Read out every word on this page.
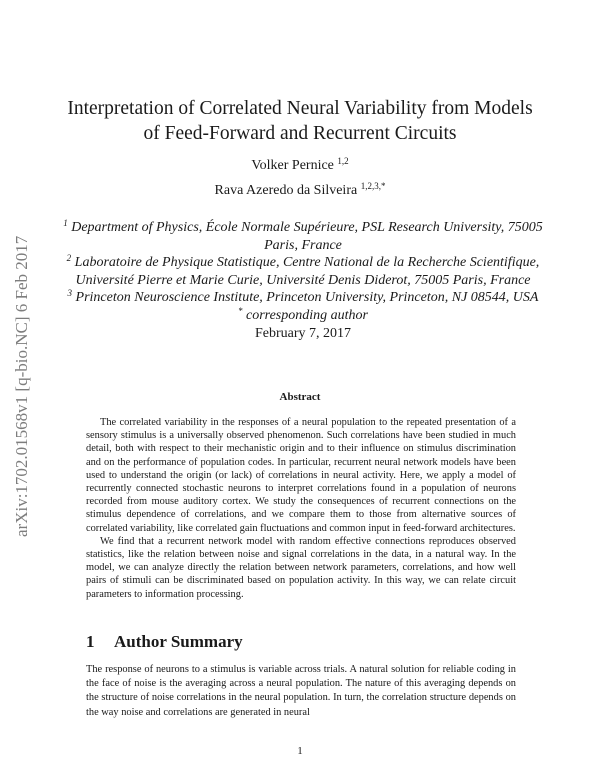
arXiv:1702.01568v1 [q-bio.NC] 6 Feb 2017
Interpretation of Correlated Neural Variability from Models
of Feed-Forward and Recurrent Circuits
Volker Pernice $^{1,2}$
Rava Azeredo da Silveira $^{1,2,3,*}$

$^1$ Department of Physics, École Normale Supérieure, PSL Research University, 75005 Paris, France

$^2$ Laboratoire de Physique Statistique, Centre National de la Recherche Scientifique, Université Pierre et Marie Curie, Université Denis Diderot, 75005 Paris, France

$^3$ Princeton Neuroscience Institute, Princeton University, Princeton, NJ 08544, USA

* corresponding author

February 7, 2017

Abstract

The correlated variability in the responses of a neural population to the repeated presentation of a sensory stimulus is a universally observed phenomenon. Such correlations have been studied in much detail, both with respect to their mechanistic origin and to their influence on stimulus discrimination and on the performance of population codes. In particular, recurrent neural network models have been used to understand the origin (or lack) of correlations in neural activity. Here, we apply a model of recurrently connected stochastic neurons to interpret correlations found in a population of neurons recorded from mouse auditory cortex. We study the consequences of recurrent connections on the stimulus dependence of correlations, and we compare them to those from alternative sources of correlated variability, like correlated gain fluctuations and common input in feed-forward architectures.

We find that a recurrent network model with random effective connections reproduces observed statistics, like the relation between noise and signal correlations in the data, in a natural way. In the model, we can analyze directly the relation between network parameters, correlations, and how well pairs of stimuli can be discriminated based on population activity. In this way, we can relate circuit parameters to information processing.

1 Author Summary

The response of neurons to a stimulus is variable across trials. A natural solution for reliable coding in the face of noise is the averaging across a neural population. The nature of this averaging depends on the structure of noise correlations in the neural population. In turn, the correlation structure depends on the way noise and correlations are generated in neural

1
